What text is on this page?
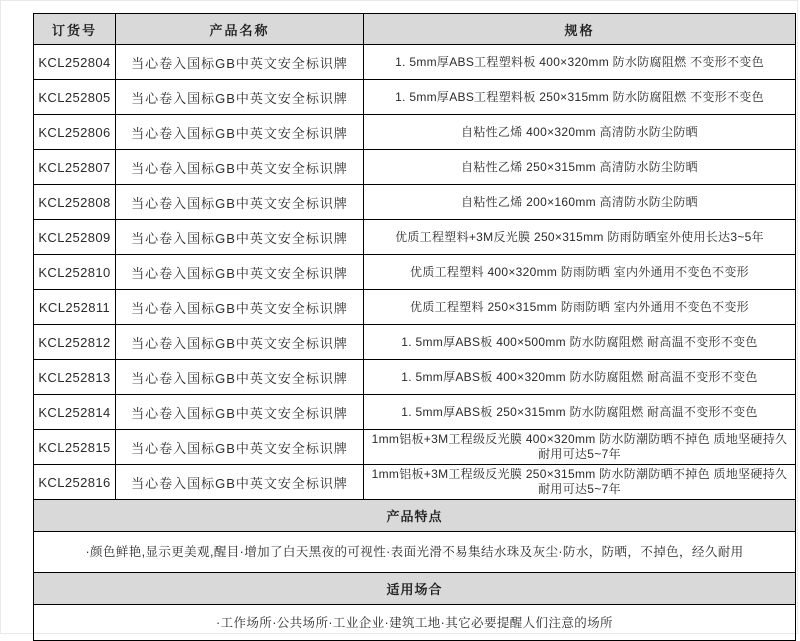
订货号	产品名称	规格
KCL252804	当心卷入国标GB中英文安全标识牌	1. 5mm厚ABS工程塑料板 400×320mm 防水防腐阻燃 不变形不变色
KCL252805	当心卷入国标GB中英文安全标识牌	1. 5mm厚ABS工程塑料板 250×315mm 防水防腐阻燃 不变形不变色
KCL252806	当心卷入国标GB中英文安全标识牌	自粘性乙烯 400×320mm 高清防水防尘防晒
KCL252807	当心卷入国标GB中英文安全标识牌	自粘性乙烯 250×315mm 高清防水防尘防晒
KCL252808	当心卷入国标GB中英文安全标识牌	自粘性乙烯 200×160mm 高清防水防尘防晒
KCL252809	当心卷入国标GB中英文安全标识牌	优质工程塑料+3M反光膜 250×315mm 防雨防晒室外使用长达3~5年
KCL252810	当心卷入国标GB中英文安全标识牌	优质工程塑料 400×320mm 防雨防晒 室内外通用不变色不变形
KCL252811	当心卷入国标GB中英文安全标识牌	优质工程塑料 250×315mm 防雨防晒 室内外通用不变色不变形
KCL252812	当心卷入国标GB中英文安全标识牌	1. 5mm厚ABS板 400×500mm 防水防腐阻燃 耐高温不变形不变色
KCL252813	当心卷入国标GB中英文安全标识牌	1. 5mm厚ABS板 400×320mm 防水防腐阻燃 耐高温不变形不变色
KCL252814	当心卷入国标GB中英文安全标识牌	1. 5mm厚ABS板 250×315mm 防水防腐阻燃 耐高温不变形不变色
KCL252815	当心卷入国标GB中英文安全标识牌	1mm铝板+3M工程级反光膜 400×320mm 防水防潮防晒不掉色 质地坚硬持久耐用可达5~7年
KCL252816	当心卷入国标GB中英文安全标识牌	1mm铝板+3M工程级反光膜 250×315mm 防水防潮防晒不掉色 质地坚硬持久耐用可达5~7年
产品特点		
·颜色鲜艳,显示更美观,醒目·增加了白天黑夜的可视性·表面光滑不易集结水珠及灰尘·防水，防晒，不掉色，经久耐用		
适用场合		
·工作场所·公共场所·工业企业·建筑工地·其它必要提醒人们注意的场所		
